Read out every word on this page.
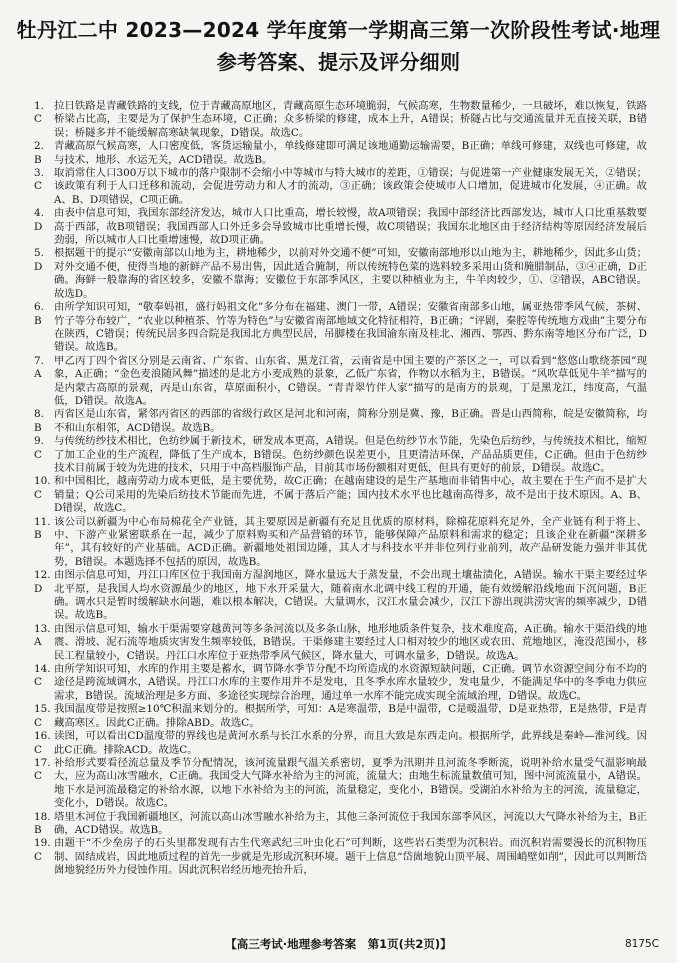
牡丹江二中 2023—2024 学年度第一学期高三第一次阶段性考试·地理
参考答案、提示及评分细则
1. C

拉日铁路是青藏铁路的支线，位于青藏高原地区，青藏高原生态环境脆弱，气候高寒，生物数量稀少，一旦破坏，难以恢复，铁路桥梁占比高，主要是为了保护生态环境，C正确；众多桥梁的修建，成本上升，A错误；桥隧占比与交通流量并无直接关联，B错误；桥隧多并不能缓解高寒缺氧现象，D错误。故选C。

2. B

青藏高原气候高寒，人口密度低，客货运输量小，单线修建即可满足该地通勤运输需要，B正确；单线可修建，双线也可修建，故与技术、地形、水运无关，ACD错误。故选B。

3. C

取消常住人口300万以下城市的落户限制不会缩小中等城市与特大城市的差距，①错误；与促进第一产业健康发展无关，②错误；该政策有利于人口迁移和流动，会促进劳动力和人才的流动，③正确；该政策会使城市人口增加，促进城市化发展，④正确。故A、B、D项错误，C项正确。

4. D

由表中信息可知，我国东部经济发达，城市人口比重高，增长较慢，故A项错误；我国中部经济比西部发达，城市人口比重基数要高于西部，故B项错误；我国西部人口外迁多会导致城市比重增长慢，故C项错误；我国东北地区由于经济结构等原因经济发展后劲弱，所以城市人口比重增速慢，故D项正确。

5. D

根据题干的提示“安徽南部以山地为主，耕地稀少，以前对外交通不便”可知，安徽南部地形以山地为主，耕地稀少，因此多山货；对外交通不便，使得当地的新鲜产品不易出售，因此适合腌制，所以传统特色菜的选料较多采用山货和腌腊制品，③④正确，D正确。海鲜一般靠海的省区较多，安徽不靠海；安徽位于东部季风区，主要以种植业为主，牛羊肉较少，①、②错误，ABC错误。故选D。

6. B

由所学知识可知，“敬奉妈祖，盛行妈祖文化”多分布在福建、澳门一带，A错误；安徽省南部多山地，属亚热带季风气候，茶树、竹子等分布较广，“农业以种植茶、竹等为特色”与安徽省南部地域文化特征相符，B正确；“评剧，秦腔等传统地方戏曲”主要分布在陕西，C错误；传统民居多四合院是我国北方典型民居，吊脚楼在我国渝东南及桂北、湘西、鄂西、黔东南等地区分布广泛，D错误。故选B。

7. A

甲乙丙丁四个省区分别是云南省、广东省、山东省、黑龙江省，云南省是中国主要的产茶区之一，可以看到“悠悠山歌绕茶园”现象，A正确；“金色麦浪随风舞”描述的是北方小麦成熟的景象，乙低广东省，作物以水稻为主，B错误。“风吹草低见牛羊”描写的是内蒙古高原的景观，丙是山东省，草原面积小，C错误。“青青翠竹伴人家”描写的是南方的景观，丁是黑龙江，纬度高，气温低，D错误。故选A。

8. B

丙省区是山东省，紧邻丙省区的西部的省级行政区是河北和河南，简称分别是冀、豫，B正确。晋是山西简称，皖是安徽简称，均不和山东相邻，ACD错误。故选B。

9. C

与传统纺纱技术相比，色纺纱属于新技术，研发成本更高，A错误。但是色纺纱节水节能，先染色后纺纱，与传统技术相比，缩短了加工企业的生产流程，降低了生产成本，B错误。色纺纱颜色误差更小，且更清洁环保，产品品质更佳，C正确。但由于色纺纱技术目前属于较为先进的技术，只用于中高档服饰产品，目前其市场份额相对更低，但具有更好的前景，D错误。故选C。

10. C

和中国相比，越南劳动力成本更低，是主要优势，故C正确；在越南建设的是生产基地而非销售中心，故主要在于生产而不是扩大销量；Q公司采用的先染后纺技术节能而先进，不属于落后产能；国内技术水平也比越南高得多，故不是出于技术原因。A、B、D错误，故选C。

11. B

该公司以新疆为中心布局棉花全产业链，其主要原因是新疆有充足且优质的原材料，除棉花原料充足外，全产业链有利于将上、中、下游产业紧密联系在一起，减少了原料购买和产品营销的环节，能够保障产品原料和需求的稳定；且该企业在新疆“深耕多年”，其有较好的产业基础。ACD正确。新疆地处祖国边陲，其人才与科技水平并非位列行业前列，故产品研发能力强并非其优势，B错误。本题选择不包括的原因，故选B。

12. D

由图示信息可知，丹江口库区位于我国南方湿润地区，降水量远大于蒸发量，不会出现土壤盐渍化，A错误。输水干渠主要经过华北平原，是我国人均水资源最少的地区，地下水开采量大，随着南水北调中线工程的开通，能有效缓解沿线地面下沉问题，B正确。调水只是暂时缓解缺水问题，难以根本解决，C错误。大量调水，汉江水量会减少，汉江下游出现洪涝灾害的频率减少，D错误。故选B。

13. A

由图示信息可知，输水干渠需要穿越黄河等多条河流以及多条山脉，地形地质条件复杂，技术难度高，A正确。输水干渠沿线的地震、滑坡、泥石流等地质灾害发生频率较低，B错误。干渠修建主要经过人口相对较少的地区或农田、荒地地区，淹没范围小，移民工程量较小，C错误。丹江口水库位于亚热带季风气候区，降水量大，可调水量多，D错误。故选A。

14. C

由所学知识可知，水库的作用主要是蓄水，调节降水季节分配不均所造成的水资源短缺问题，C正确。调节水资源空间分布不均的途径是跨流域调水，A错误。丹江口水库的主要作用并不是发电，且冬季水库水量较少，发电量少，不能满足华中的冬季电力供应需求，B错误。流域治理是多方面、多途径实现综合治理，通过单一水库不能完成实现全流域治理，D错误。故选C。

15. C

我国温度带是按照≥10℃积温来划分的。根据所学，可知：A是寒温带，B是中温带，C是暖温带，D是亚热带，E是热带，F是青藏高寒区。因此C正确。排除ABD。故选C。

16. C

读图，可以看出CD温度带的界线也是黄河水系与长江水系的分界，而且大致是东西走向。根据所学，此界线是秦岭—淮河线。因此C正确。排除ACD。故选C。

17. C

补给形式要看径流总量及季节分配情况，该河流量跟气温关系密切，夏季为汛期并且河流冬季断流，说明补给水量受气温影响最大，应为高山冰雪融水，C正确。我国受大气降水补给为主的河流，流量大；由地生标流量数值可知，图中河流流量小，A错误。地下水是河流最稳定的补给水源，以地下水补给为主的河流，流量稳定，变化小，B错误。受湖泊水补给为主的河流，流量稳定，变化小，D错误。故选C。

18. B

塔里木河位于我国新疆地区，河流以高山冰雪融水补给为主，其他三条河流位于我国东部季风区，河流以大气降水补给为主，B正确，ACD错误。故选B。

19. C

由题干“不少垒房子的石头里都发现有古生代寒武纪三叶虫化石”可判断，这些岩石类型为沉积岩。而沉积岩需要漫长的沉积物压制、固结成岩，因此地质过程的首先一步就是先形成沉积环境。题干上信息“岱崮地貌山顶平展、周围峭壁如削”，因此可以判断岱崮地貌经历外力侵蚀作用。因此沉积岩经历地壳抬升后，

【高三考试·地理参考答案　第1页(共2页)】	8175C
